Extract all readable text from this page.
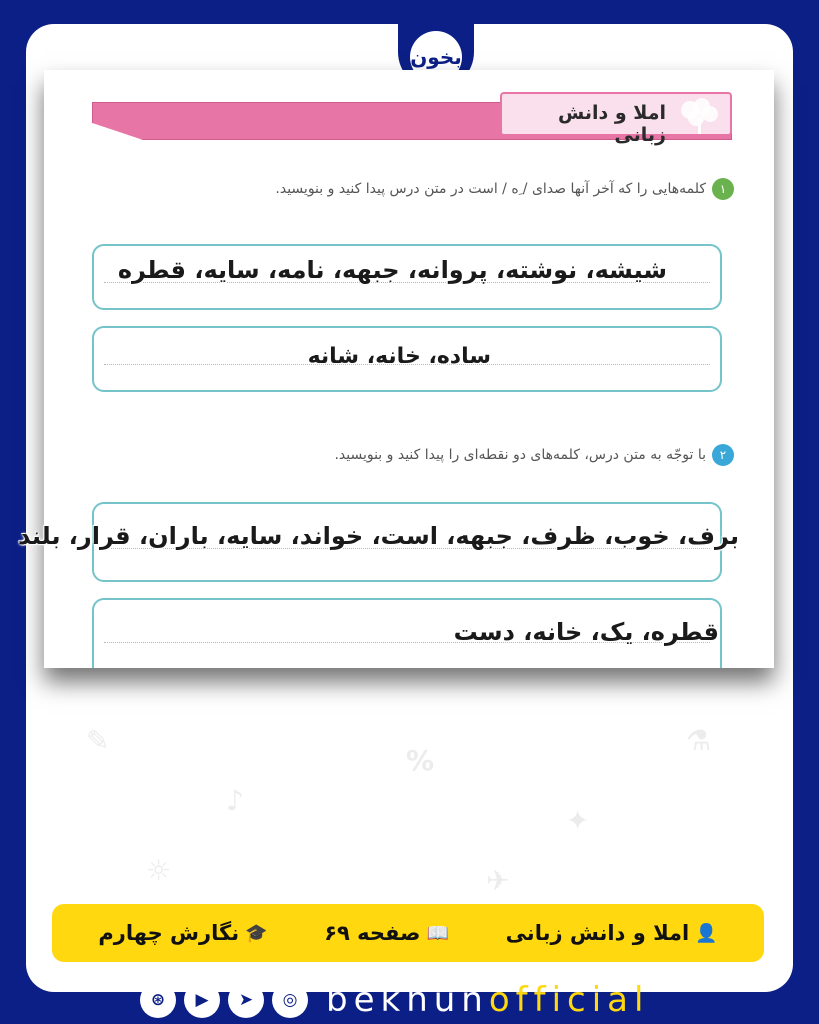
✎
♪
%
✦
⚗
☼	✈
بخون
املا و دانش زبانی
۱کلمه‌هایی را که آخر آنها صدای / ِه / است در متن درس پیدا کنید و بنویسید.
۲با توجّه به متن درس، کلمه‌های دو نقطه‌ای را پیدا کنید و بنویسید.
شیشه، نوشته، پروانه، جبهه، نامه، سایه، قطره
ساده، خانه، شانه
برف، خوب، ظرف، جبهه، است، خواند، سایه، باران، قرار، بلند
قطره، یک، خانه، دست
👤
املا و دانش زبانی
📖
صفحه ۶۹
🎓
نگارش چهارم
⊛	▶	➤	◎ bekhunofficial
